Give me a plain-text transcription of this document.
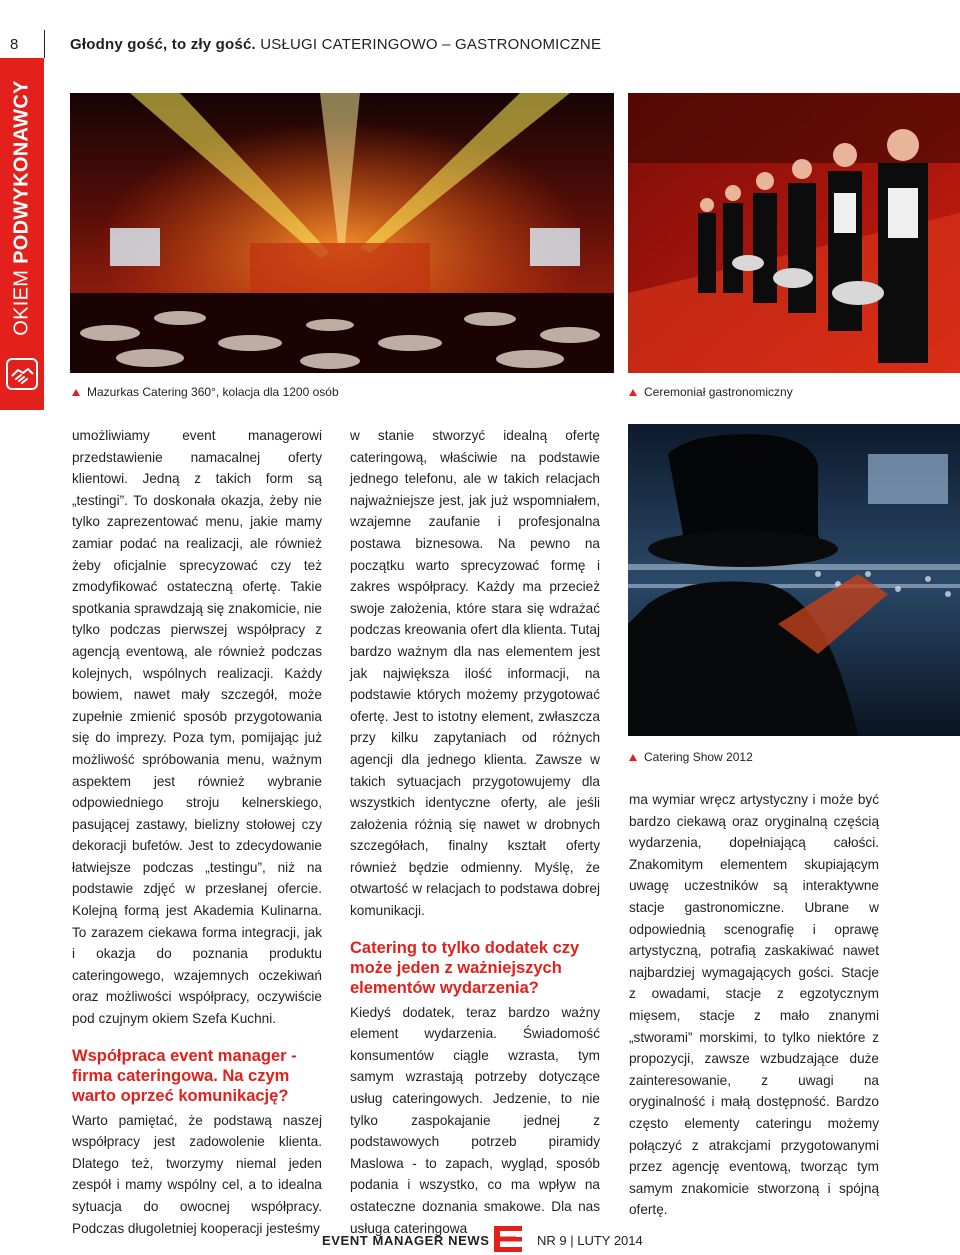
8	Głodny gość, to zły gość. USŁUGI CATERINGOWO – GASTRONOMICZNE
OKIEM PODWYKONAWCY
Mazurkas Catering 360°, kolacja dla 1200 osób	Ceremoniał gastronomiczny
Catering Show 2012

umożliwiamy event managerowi przedstawienie namacalnej oferty klientowi. Jedną z takich form są „testingi”. To doskonała okazja, żeby nie tylko zaprezentować menu, jakie mamy zamiar podać na realizacji, ale również żeby oficjalnie sprecyzować czy też zmodyfikować ostateczną ofertę. Takie spotkania sprawdzają się znakomicie, nie tylko podczas pierwszej współpracy z agencją eventową, ale również podczas kolejnych, wspólnych realizacji. Każdy bowiem, nawet mały szczegół, może zupełnie zmienić sposób przygotowania się do imprezy. Poza tym, pomijając już możliwość spróbowania menu, ważnym aspektem jest również wybranie odpowiedniego stroju kelnerskiego, pasującej zastawy, bielizny stołowej czy dekoracji bufetów. Jest to zdecydowanie łatwiejsze podczas „testingu”, niż na podstawie zdjęć w przesłanej ofercie. Kolejną formą jest Akademia Kulinarna. To zarazem ciekawa forma integracji, jak i okazja do poznania produktu cateringowego, wzajemnych oczekiwań oraz możliwości współpracy, oczywiście pod czujnym okiem Szefa Kuchni.

Współpraca event manager - firma cateringowa. Na czym warto oprzeć komunikację?

Warto pamiętać, że podstawą naszej współpracy jest zadowolenie klienta. Dlatego też, tworzymy niemal jeden zespół i mamy wspólny cel, a to idealna sytuacja do owocnej współpracy. Podczas długoletniej kooperacji jesteśmy

w stanie stworzyć idealną ofertę cateringową, właściwie na podstawie jednego telefonu, ale w takich relacjach najważniejsze jest, jak już wspomniałem, wzajemne zaufanie i profesjonalna postawa biznesowa. Na pewno na początku warto sprecyzować formę i zakres współpracy. Każdy ma przecież swoje założenia, które stara się wdrażać podczas kreowania ofert dla klienta. Tutaj bardzo ważnym dla nas elementem jest jak największa ilość informacji, na podstawie których możemy przygotować ofertę. Jest to istotny element, zwłaszcza przy kilku zapytaniach od różnych agencji dla jednego klienta. Zawsze w takich sytuacjach przygotowujemy dla wszystkich identyczne oferty, ale jeśli założenia różnią się nawet w drobnych szczegółach, finalny kształt oferty również będzie odmienny. Myślę, że otwartość w relacjach to podstawa dobrej komunikacji.

Catering to tylko dodatek czy może jeden z ważniejszych elementów wydarzenia?

Kiedyś dodatek, teraz bardzo ważny element wydarzenia. Świadomość konsumentów ciągle wzrasta, tym samym wzrastają potrzeby dotyczące usług cateringowych. Jedzenie, to nie tylko zaspokajanie jednej z podstawowych potrzeb piramidy Maslowa - to zapach, wygląd, sposób podania i wszystko, co ma wpływ na ostateczne doznania smakowe. Dla nas usługa cateringowa

ma wymiar wręcz artystyczny i może być bardzo ciekawą oraz oryginalną częścią wydarzenia, dopełniającą całości. Znakomitym elementem skupiającym uwagę uczestników są interaktywne stacje gastronomiczne. Ubrane w odpowiednią scenografię i oprawę artystyczną, potrafią zaskakiwać nawet najbardziej wymagających gości. Stacje z owadami, stacje z egzotycznym mięsem, stacje z mało znanymi „stworami” morskimi, to tylko niektóre z propozycji, zawsze wzbudzające duże zainteresowanie, z uwagi na oryginalność i małą dostępność. Bardzo często elementy cateringu możemy połączyć z atrakcjami przygotowanymi przez agencję eventową, tworząc tym samym znakomicie stworzoną i spójną ofertę.

EVENT MANAGER NEWS	NR 9 | LUTY 2014
